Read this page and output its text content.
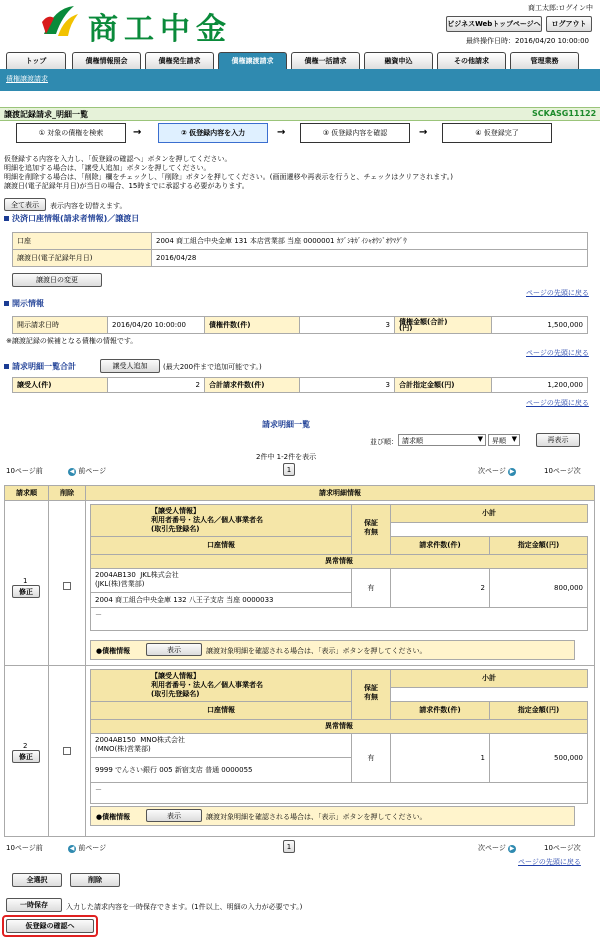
商工中金
商工太郎:ログイン中
ビジネスWebトップページへ	ログアウト
最終操作日時：2016/04/20 10:00:00
トップ	債権情報照会	債権発生請求	債権譲渡請求	債権一括請求	融資申込	その他請求	管理業務
債権譲渡請求
譲渡記録請求_明細一覧	SCKASG11122
① 対象の債権を検索	→	② 仮登録内容を入力	→	③ 仮登録内容を確認	→	④ 仮登録完了
仮登録する内容を入力し、「仮登録の確認へ」ボタンを押してください。
明細を追加する場合は、「譲受人追加」ボタンを押してください。
明細を削除する場合は、「削除」欄をチェックし、「削除」ボタンを押してください。(画面遷移や再表示を行うと、チェックはクリアされます。)
譲渡日(電子記録年月日)が当日の場合、15時までに承認する必要があります。
全て表示	表示内容を切替えます。
決済口座情報(請求者情報)／譲渡日
口座	2004 商工組合中央金庫 131 本店営業部 当座 0000001 ｶﾌﾞｼｷｶﾞｲｼｬｵｳｼﾞｵｳﾏｸﾞｳ
譲渡日(電子記録年月日)	2016/04/28
譲渡日の変更
ページの先頭に戻る
開示情報
開示請求日時	2016/04/20 10:00:00	債権件数(件)	3	債権金額(合計)
(円)	1,500,000
※譲渡記録の候補となる債権の情報です。
ページの先頭に戻る
請求明細一覧合計	譲受人追加	(最大200件まで追加可能です。)
譲受人(件)	2	合計請求件数(件)	3	合計指定金額(円)	1,200,000
ページの先頭に戻る
請求明細一覧
並び順： 請求順	▼ 昇順 ▼	再表示
2件中 1-2件を表示
10ページ前	◀ 前ページ	1	次ページ ▶	10ページ次
請求順	削除	請求明細情報
1
修正
【譲受人情報】
利用者番号・法人名／個人事業者名
(取引先登録名)
保証
有無
小計
口座情報	請求件数(件)	指定金額(円)
異常情報
2004AB130  JKL株式会社
(JKL(株)営業部)
2004 商工組合中央金庫 132 八王子支店 当座 0000033
有	2	800,000
－
●債権情報	表示	譲渡対象明細を確認される場合は、「表示」ボタンを押してください。
2
修正
【譲受人情報】
利用者番号・法人名／個人事業者名
(取引先登録名)
保証
有無
小計
口座情報	請求件数(件)	指定金額(円)
異常情報
2004AB150  MNO株式会社
(MNO(株)営業部)
9999 でんさい銀行 005 新宿支店 普通 0000055
有	1	500,000
－
●債権情報	表示	譲渡対象明細を確認される場合は、「表示」ボタンを押してください。
10ページ前	◀ 前ページ	1	次ページ ▶	10ページ次
ページの先頭に戻る
全選択	削除
一時保存	入力した請求内容を一時保存できます。(1件以上、明細の入力が必要です。)
仮登録の確認へ
